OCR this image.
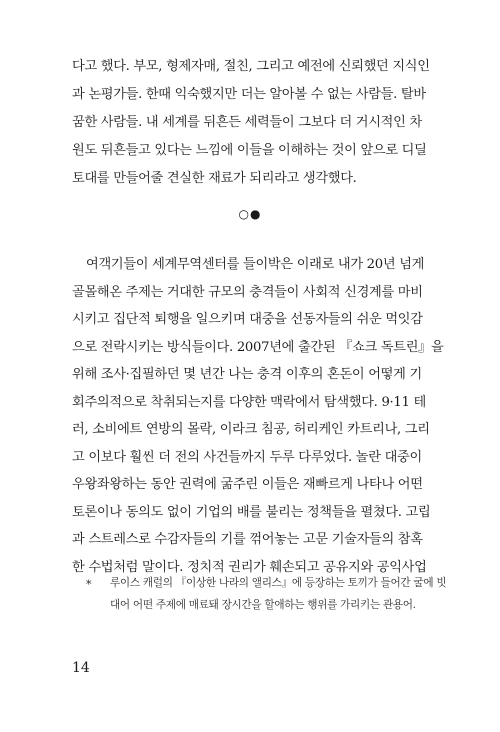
다고 했다. 부모, 형제자매, 절친, 그리고 예전에 신뢰했던 지식인
과 논평가들. 한때 익숙했지만 더는 알아볼 수 없는 사람들. 탈바
꿈한 사람들. 내 세계를 뒤흔든 세력들이 그보다 더 거시적인 차
원도 뒤흔들고 있다는 느낌에 이들을 이해하는 것이 앞으로 디딜
토대를 만들어줄 견실한 재료가 되리라고 생각했다.
○●
여객기들이 세계무역센터를 들이박은 이래로 내가 20년 넘게
골몰해온 주제는 거대한 규모의 충격들이 사회적 신경계를 마비
시키고 집단적 퇴행을 일으키며 대중을 선동자들의 쉬운 먹잇감
으로 전락시키는 방식들이다. 2007년에 출간된 『쇼크 독트린』을
위해 조사·집필하던 몇 년간 나는 충격 이후의 혼돈이 어떻게 기
회주의적으로 착취되는지를 다양한 맥락에서 탐색했다. 9·11 테
러, 소비에트 연방의 몰락, 이라크 침공, 허리케인 카트리나, 그리
고 이보다 훨씬 더 전의 사건들까지 두루 다루었다. 놀란 대중이
우왕좌왕하는 동안 권력에 굶주린 이들은 재빠르게 나타나 어떤
토론이나 동의도 없이 기업의 배를 불리는 정책들을 펼쳤다. 고립
과 스트레스로 수감자들의 기를 꺾어놓는 고문 기술자들의 참혹
한 수법처럼 말이다. 정치적 권리가 훼손되고 공유지와 공익사업
* 루이스 캐럴의 『이상한 나라의 앨리스』에 등장하는 토끼가 들어간 굴에 빗
대어 어떤 주제에 매료돼 장시간을 할애하는 행위를 가리키는 관용어.
14
